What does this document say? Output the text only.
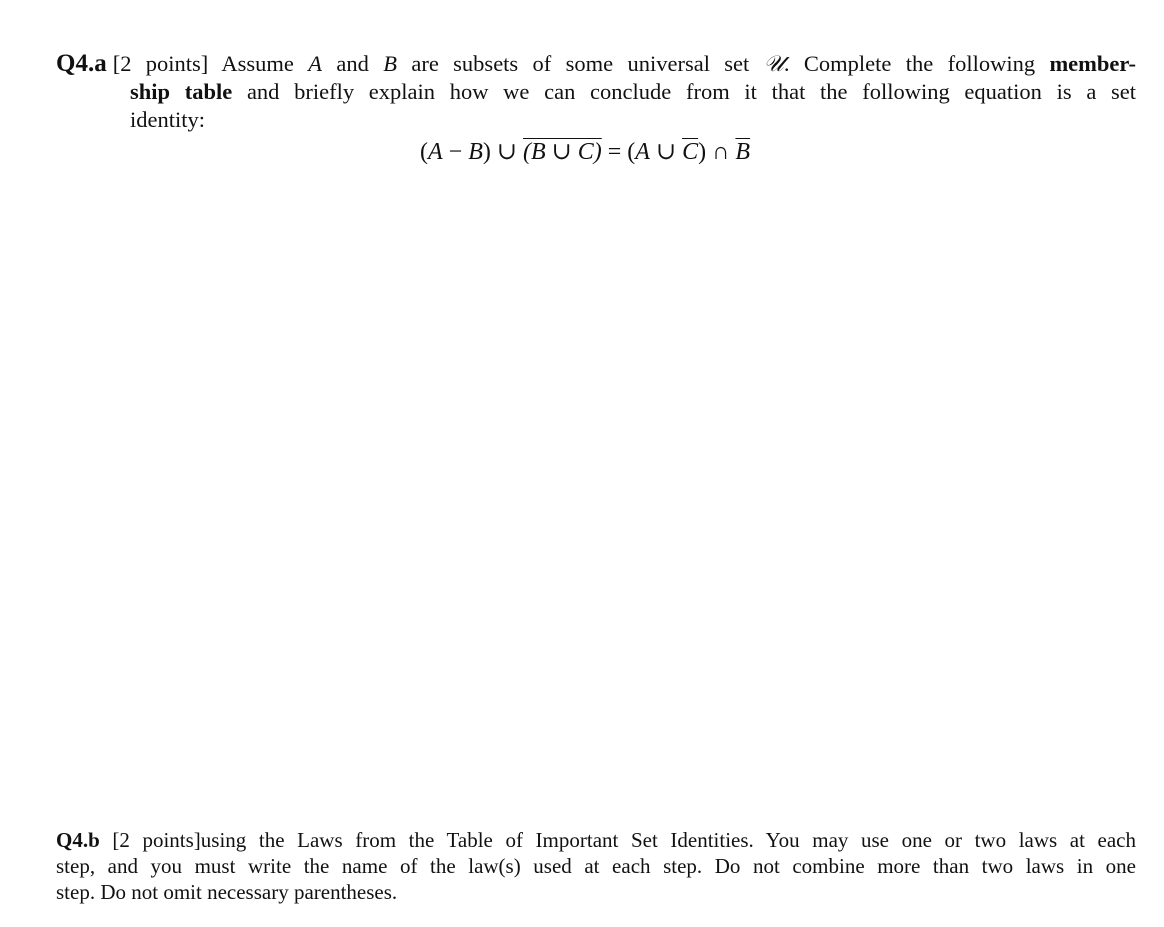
Q4.a [2 points] Assume A and B are subsets of some universal set 𝒰. Complete the following member-
ship table and briefly explain how we can conclude from it that the following equation is a set
identity:
(A − B) ∪ (B ∪ C) = (A ∪ $\overline{C}$) ∩ $\overline{B}$
Q4.b [2 points]using the Laws from the Table of Important Set Identities. You may use one or two laws at each
step, and you must write the name of the law(s) used at each step. Do not combine more than two laws in one
step. Do not omit necessary parentheses.
